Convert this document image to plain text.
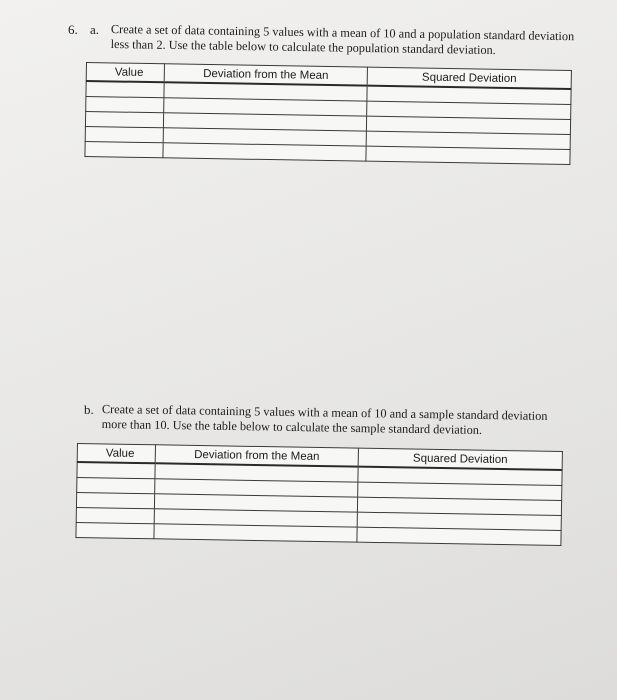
6. a. Create a set of data containing 5 values with a mean of 10 and a population standard deviation less than 2. Use the table below to calculate the population standard deviation.
Value	Deviation from the Mean	Squared Deviation

b. Create a set of data containing 5 values with a mean of 10 and a sample standard deviation more than 10. Use the table below to calculate the sample standard deviation.
Value	Deviation from the Mean	Squared Deviation
